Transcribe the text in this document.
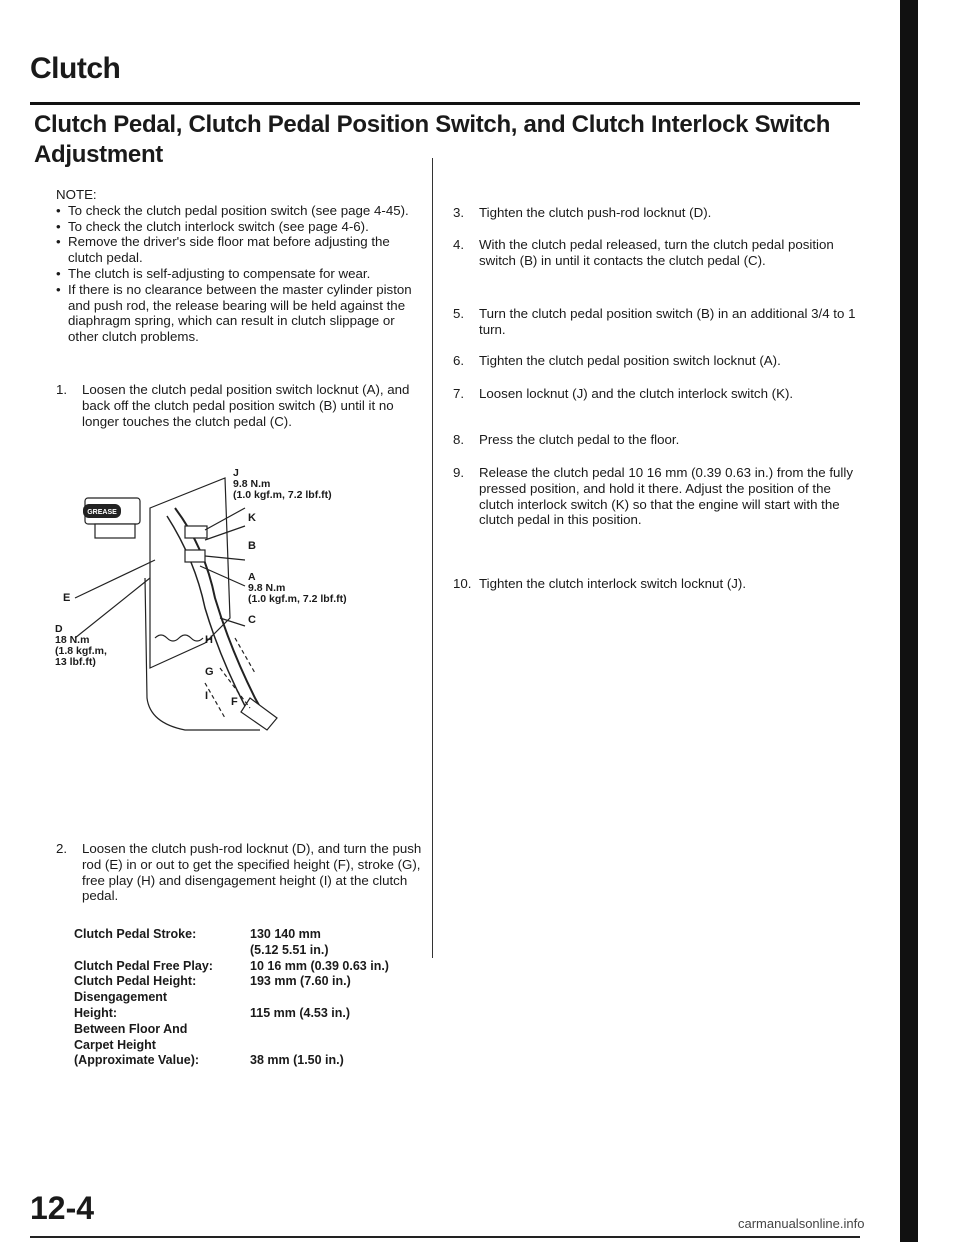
Clutch
Clutch Pedal, Clutch Pedal Position Switch, and Clutch Interlock Switch
Adjustment
NOTE:
• To check the clutch pedal position switch (see page 4-45).
• To check the clutch interlock switch (see page 4-6).
• Remove the driver's side floor mat before adjusting the clutch pedal.
• The clutch is self-adjusting to compensate for wear.
• If there is no clearance between the master cylinder piston and push rod, the release bearing will be held against the diaphragm spring, which can result in clutch slippage or other clutch problems.
1. Loosen the clutch pedal position switch locknut (A), and back off the clutch pedal position switch (B) until it no longer touches the clutch pedal (C).
GREASE
J
9.8 N.m
(1.0 kgf.m, 7.2 lbf.ft)
K
B
A
9.8 N.m
(1.0 kgf.m, 7.2 lbf.ft)
C
E
D
18 N.m
(1.8 kgf.m,
13 lbf.ft)
H
G
I F
2. Loosen the clutch push-rod locknut (D), and turn the push rod (E) in or out to get the specified height (F), stroke (G), free play (H) and disengagement height (I) at the clutch pedal.
Clutch Pedal Stroke:	130 140 mm
(5.12 5.51 in.)
Clutch Pedal Free Play:	10 16 mm (0.39 0.63 in.)
Clutch Pedal Height:	193 mm (7.60 in.)
Disengagement
Height:	115 mm (4.53 in.)
Between Floor And
Carpet Height
(Approximate Value):	38 mm (1.50 in.)
3. Tighten the clutch push-rod locknut (D).
4. With the clutch pedal released, turn the clutch pedal position switch (B) in until it contacts the clutch pedal (C).
5. Turn the clutch pedal position switch (B) in an additional 3/4 to 1 turn.
6. Tighten the clutch pedal position switch locknut (A).
7. Loosen locknut (J) and the clutch interlock switch (K).
8. Press the clutch pedal to the floor.
9. Release the clutch pedal 10 16 mm (0.39 0.63 in.) from the fully pressed position, and hold it there. Adjust the position of the clutch interlock switch (K) so that the engine will start with the clutch pedal in this position.
10. Tighten the clutch interlock switch locknut (J).
12-4	carmanualsonline.info
